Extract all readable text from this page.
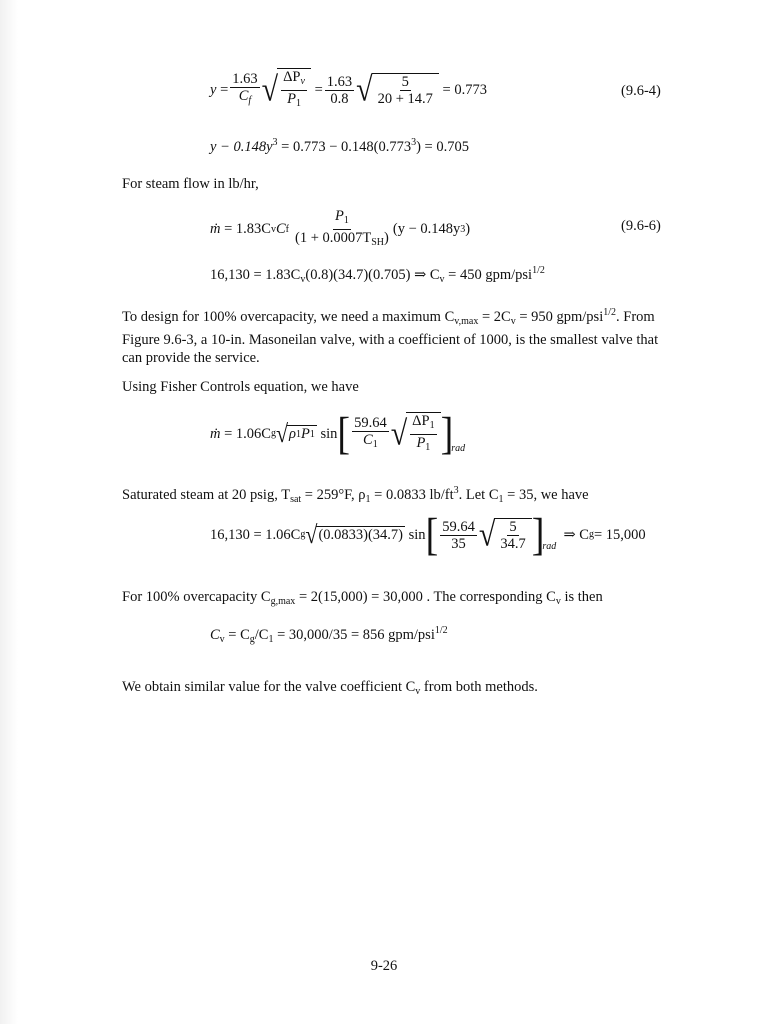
$y = \frac{1.63}{C_f}$ √ $\frac{\Delta P_v}{P_1} = \frac{1.63}{0.8}$ √ $\frac{5}{20 + 14.7}$
= 0.773	(9.6-4)
$y - 0.148y^3 = 0.773 - 0.148(0.773^3) = 0.705$
For steam flow in lb/hr,
ṁ
= 1.83C v C f $\frac{P_1}{(1 + 0.0007T_{SH})} (y - 0.148y$ 3 )	(9.6-6)
$16,130 = 1.83C_v(0.8)(34.7)(0.705)$ ⇒ $C_v = 450$ gpm/psi$^{1/2}$
To design for 100% overcapacity, we need a maximum $C_{v,max} = 2C_v = 950$ gpm/psi$^{1/2}$. From Figure 9.6-3, a 10-in. Masoneilan valve, with a coefficient of 1000, is the smallest valve that can provide the service.
Using Fisher Controls equation, we have
ṁ
= 1.06C g √ ρ 1 P 1
sin [ $\frac{59.64}{C_1}$ √ $\frac{\Delta P_1}{P_1}$ ]
rad
Saturated steam at 20 psig, $T_{sat} = 259^\circ F$, $\rho_1 = 0.0833$ $lb/ft^3$. Let $C_1 = 35$, we have
16,130 = 1.06C g √ (0.0833)(34.7)
sin [ $\frac{59.64}{35}$ √ $\frac{5}{34.7}$ ]
rad

⇒ C g = 15,000
For 100% overcapacity $C_{g,max} = 2(15,000) = 30,000$ . The corresponding $C_v$ is then
$C_v = C_g/C_1 = 30,000/35 = 856$ gpm/psi$^{1/2}$
We obtain similar value for the valve coefficient $C_v$ from both methods.
9-26
